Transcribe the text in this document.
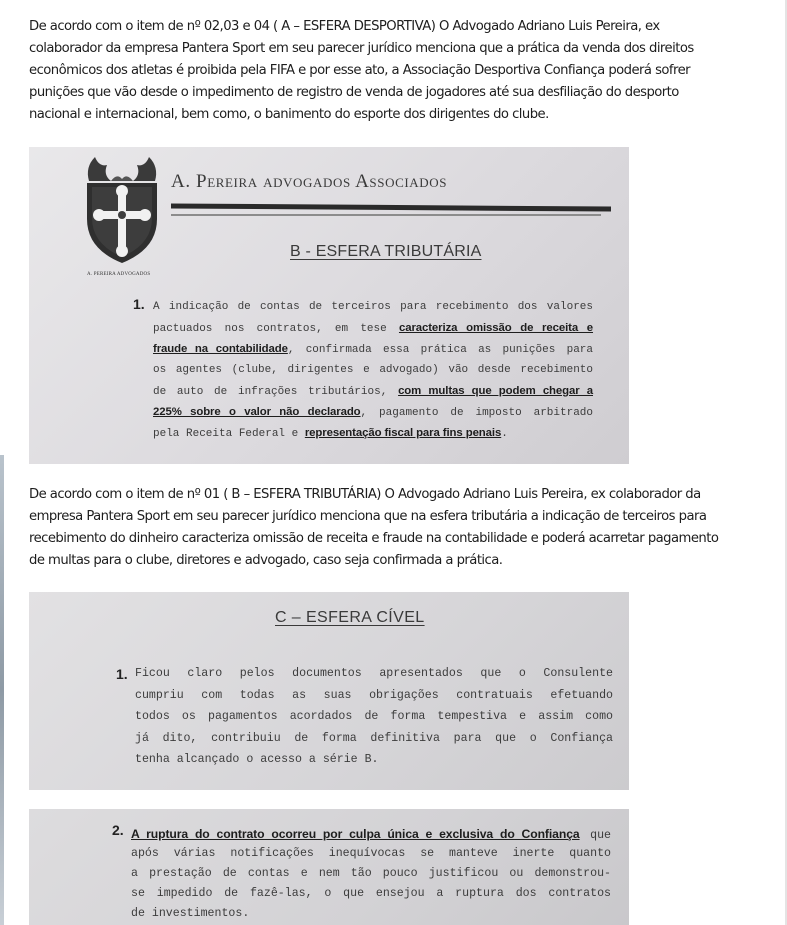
De acordo com o item de nº 02,03 e 04 ( A – ESFERA DESPORTIVA) O Advogado Adriano Luis Pereira, ex colaborador da empresa Pantera Sport em seu parecer jurídico menciona que a prática da venda dos direitos econômicos dos atletas é proibida pela FIFA e por esse ato, a Associação Desportiva Confiança poderá sofrer punições que vão desde o impedimento de registro de venda de jogadores até sua desfiliação do desporto nacional e internacional, bem como, o banimento do esporte dos dirigentes do clube.

A. PEREIRA ADVOGADOS
A. Pereira advogados Associados
B - ESFERA TRIBUTÁRIA
1. A indicação de contas de terceiros para recebimento dos valores
pactuados nos contratos, em tese caracteriza omissão de receita e
fraude na contabilidade, confirmada essa prática as punições para
os agentes (clube, dirigentes e advogado) vão desde recebimento
de auto de infrações tributários, com multas que podem chegar a
225% sobre o valor não declarado, pagamento de imposto arbitrado
pela Receita Federal e representação fiscal para fins penais.

De acordo com o item de nº 01 ( B – ESFERA TRIBUTÁRIA) O Advogado Adriano Luis Pereira, ex colaborador da empresa Pantera Sport em seu parecer jurídico menciona que na esfera tributária a indicação de terceiros para recebimento do dinheiro caracteriza omissão de receita e fraude na contabilidade e poderá acarretar pagamento de multas para o clube, diretores e advogado, caso seja confirmada a prática.

C – ESFERA CÍVEL
1. Ficou claro pelos documentos apresentados que o Consulente
cumpriu com todas as suas obrigações contratuais efetuando
todos os pagamentos acordados de forma tempestiva e assim como
já dito, contribuiu de forma definitiva para que o Confiança
tenha alcançado o acesso a série B.
2. A ruptura do contrato ocorreu por culpa única e exclusiva do Confiança que
após várias notificações inequívocas se manteve inerte quanto
a prestação de contas e nem tão pouco justificou ou demonstrou-
se impedido de fazê-las, o que ensejou a ruptura dos contratos
de investimentos.
